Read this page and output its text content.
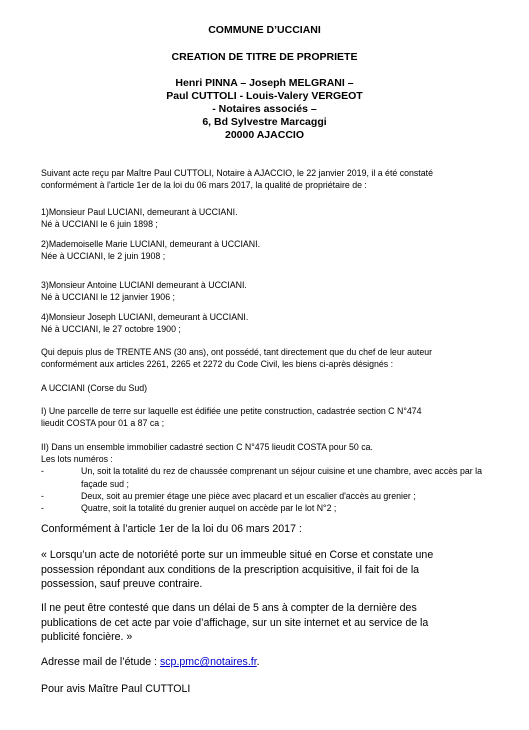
COMMUNE D’UCCIANI
CREATION DE TITRE DE PROPRIETE
Henri PINNA – Joseph MELGRANI –
Paul CUTTOLI - Louis-Valery VERGEOT
- Notaires associés –
6, Bd Sylvestre Marcaggi
20000 AJACCIO
Suivant acte reçu par Maître Paul CUTTOLI, Notaire à AJACCIO, le 22 janvier 2019, il a été constaté
conformément à l'article 1er de la loi du 06 mars 2017, la qualité de propriétaire de :
1)Monsieur Paul LUCIANI, demeurant à UCCIANI.
Né à UCCIANI le 6 juin 1898 ;
2)Mademoiselle Marie LUCIANI, demeurant à UCCIANI.
Née à UCCIANI, le 2 juin 1908 ;
3)Monsieur Antoine LUCIANI demeurant à UCCIANI.
Né à UCCIANI le 12 janvier 1906 ;
4)Monsieur Joseph LUCIANI, demeurant à UCCIANI.
Né à UCCIANI, le 27 octobre 1900 ;
Qui depuis plus de TRENTE ANS (30 ans), ont possédé, tant directement que du chef de leur auteur
conformément aux articles 2261, 2265 et 2272 du Code Civil, les biens ci-après désignés :
A UCCIANI (Corse du Sud)
I) Une parcelle de terre sur laquelle est édifiée une petite construction, cadastrée section C N°474
lieudit COSTA pour 01 a 87 ca ;
II) Dans un ensemble immobilier cadastré section C N°475 lieudit COSTA pour 50 ca.
Les lots numéros :
-	Un, soit la totalité du rez de chaussée comprenant un séjour cuisine et une chambre, avec accès par la façade sud ;
-	Deux, soit au premier étage une pièce avec placard et un escalier d'accès au grenier ;
-	Quatre, soit la totalité du grenier auquel on accède par le lot N°2 ;
Conformément à l’article 1er de la loi du 06 mars 2017 :
« Lorsqu’un acte de notoriété porte sur un immeuble situé en Corse et constate une
possession répondant aux conditions de la prescription acquisitive, il fait foi de la
possession, sauf preuve contraire.
Il ne peut être contesté que dans un délai de 5 ans à compter de la dernière des
publications de cet acte par voie d’affichage, sur un site internet et au service de la
publicité foncière. »
Adresse mail de l’étude : scp.pmc@notaires.fr.
Pour avis Maître Paul CUTTOLI
